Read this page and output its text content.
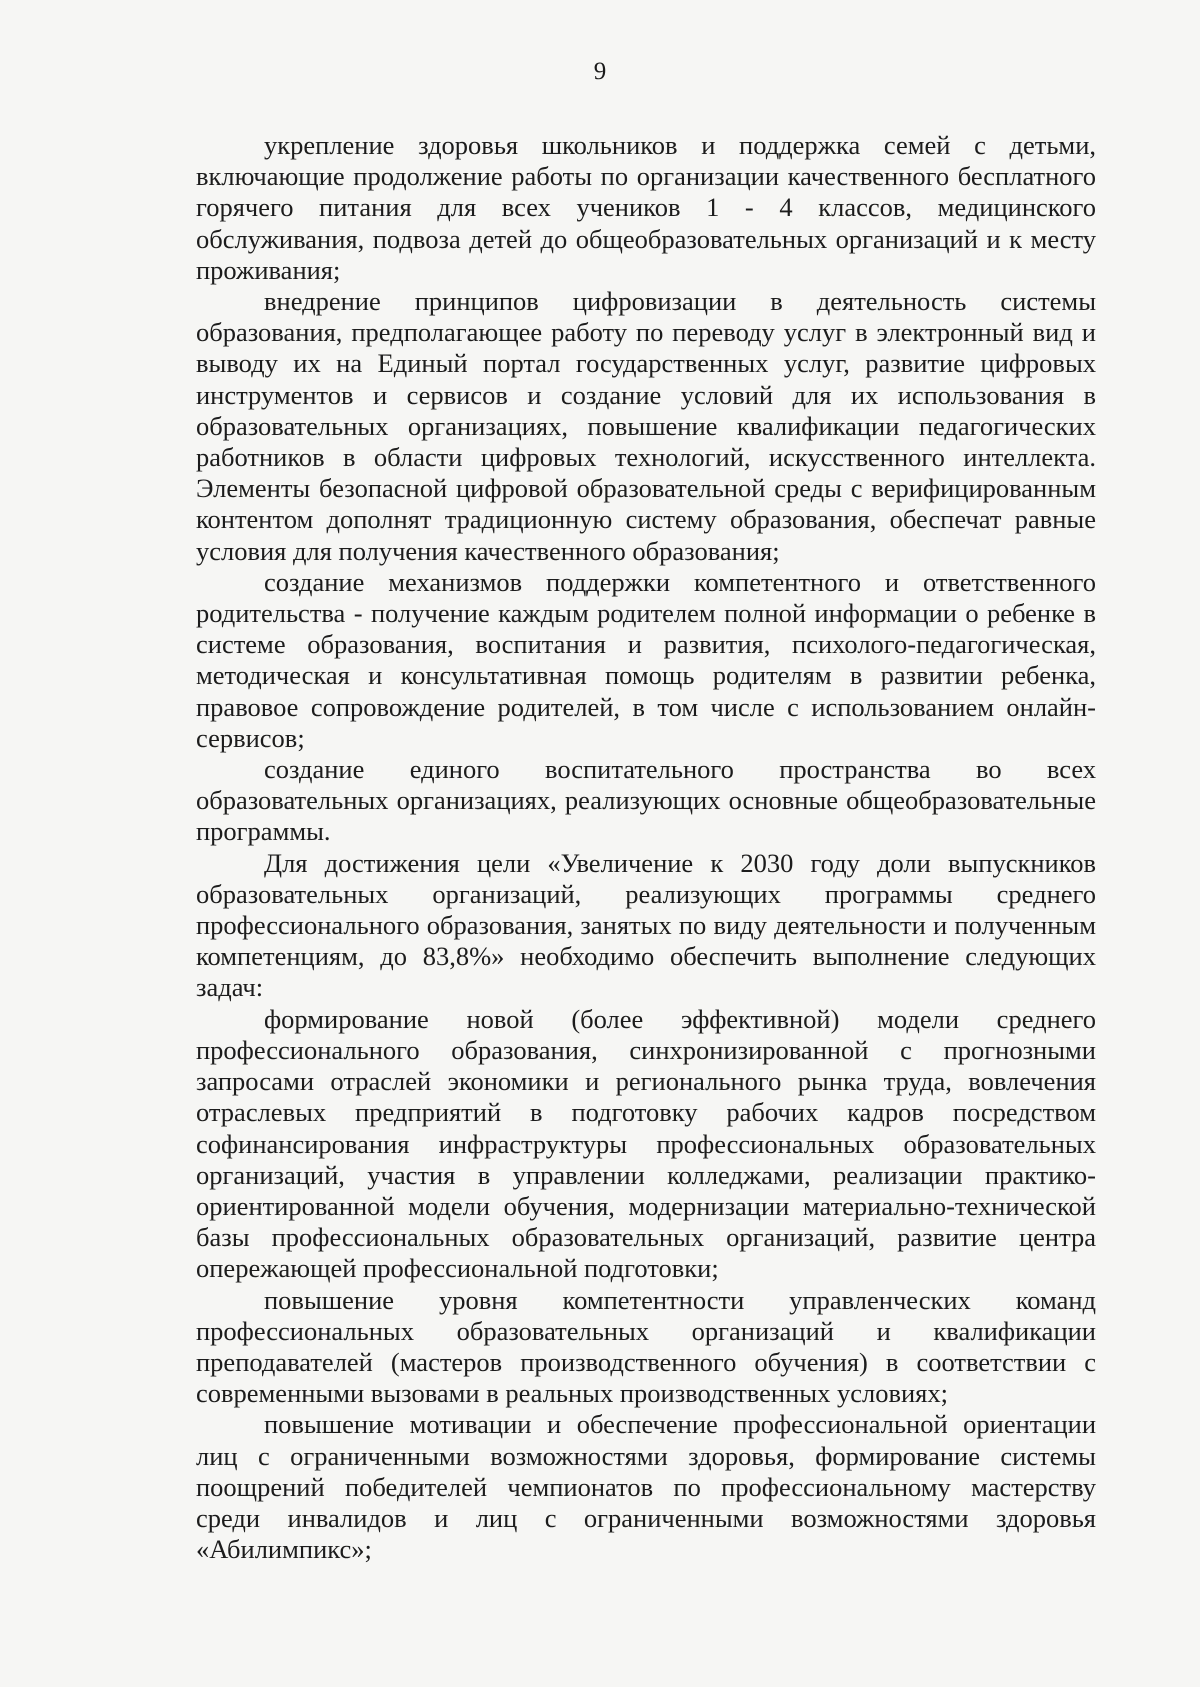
9

укрепление здоровья школьников и поддержка семей с детьми, включающие продолжение работы по организации качественного бесплатного горячего питания для всех учеников 1 - 4 классов, медицинского обслуживания, подвоза детей до общеобразовательных организаций и к месту проживания;

внедрение принципов цифровизации в деятельность системы образования, предполагающее работу по переводу услуг в электронный вид и выводу их на Единый портал государственных услуг, развитие цифровых инструментов и сервисов и создание условий для их использования в образовательных организациях, повышение квалификации педагогических работников в области цифровых технологий, искусственного интеллекта. Элементы безопасной цифровой образовательной среды с верифицированным контентом дополнят традиционную систему образования, обеспечат равные условия для получения качественного образования;

создание механизмов поддержки компетентного и ответственного родительства - получение каждым родителем полной информации о ребенке в системе образования, воспитания и развития, психолого-педагогическая, методическая и консультативная помощь родителям в развитии ребенка, правовое сопровождение родителей, в том числе с использованием онлайн-сервисов;

создание единого воспитательного пространства во всех образовательных организациях, реализующих основные общеобразовательные программы.

Для достижения цели «Увеличение к 2030 году доли выпускников образовательных организаций, реализующих программы среднего профессионального образования, занятых по виду деятельности и полученным компетенциям, до 83,8%» необходимо обеспечить выполнение следующих задач:

формирование новой (более эффективной) модели среднего профессионального образования, синхронизированной с прогнозными запросами отраслей экономики и регионального рынка труда, вовлечения отраслевых предприятий в подготовку рабочих кадров посредством софинансирования инфраструктуры профессиональных образовательных организаций, участия в управлении колледжами, реализации практико-ориентированной модели обучения, модернизации материально-технической базы профессиональных образовательных организаций, развитие центра опережающей профессиональной подготовки;

повышение уровня компетентности управленческих команд профессиональных образовательных организаций и квалификации преподавателей (мастеров производственного обучения) в соответствии с современными вызовами в реальных производственных условиях;

повышение мотивации и обеспечение профессиональной ориентации лиц с ограниченными возможностями здоровья, формирование системы поощрений победителей чемпионатов по профессиональному мастерству среди инвалидов и лиц с ограниченными возможностями здоровья «Абилимпикс»;
